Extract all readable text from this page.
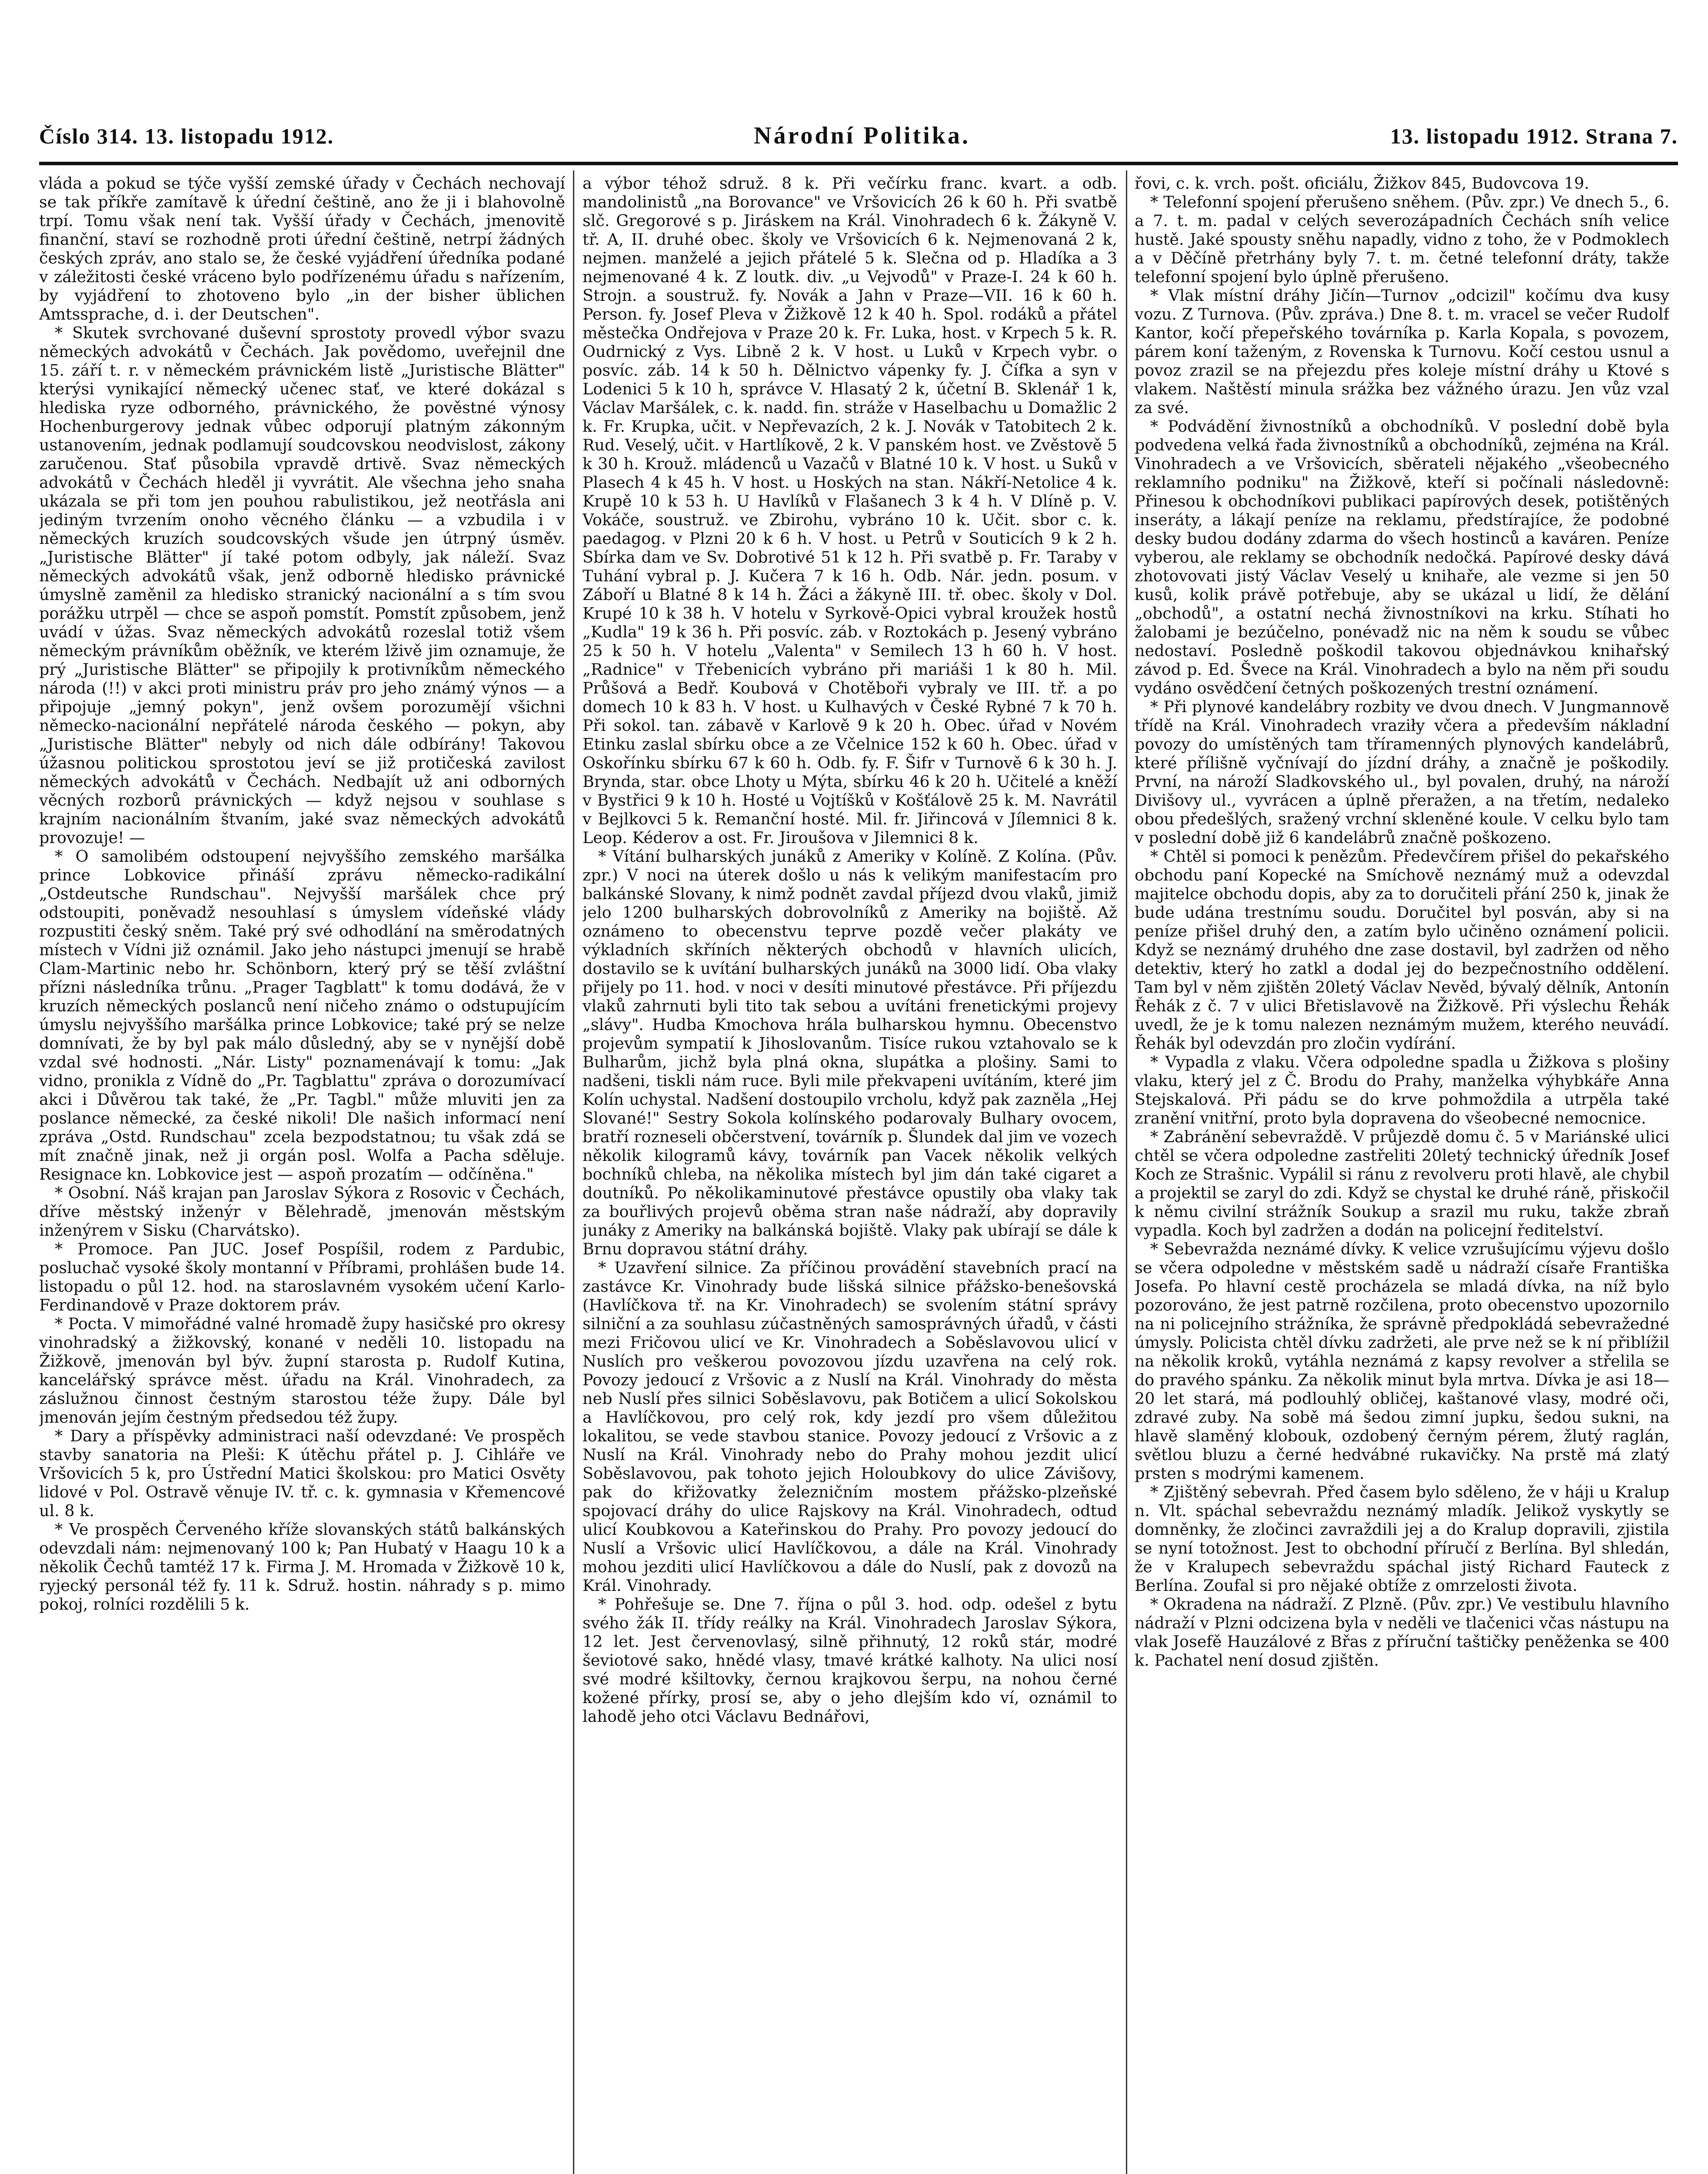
Číslo 314. 13. listopadu 1912.	Národní Politika.	13. listopadu 1912. Strana 7.

vláda a pokud se týče vyšší zemské úřady v Čechách nechovají se tak příkře zamítavě k úřední češtině, ano že ji i blahovolně trpí. Tomu však není tak. Vyšší úřady v Čechách, jmenovitě finanční, staví se rozhodně proti úřední češtině, netrpí žádných českých zpráv, ano stalo se, že české vyjádření úředníka podané v záležitosti české vráceno bylo podřízenému úřadu s nařízením, by vyjádření to zhotoveno bylo „in der bisher üblichen Amtssprache, d. i. der Deutschen".

* Skutek svrchované duševní sprostoty provedl výbor svazu německých advokátů v Čechách. Jak povědomo, uveřejnil dne 15. září t. r. v německém právnickém listě „Juristische Blätter" kterýsi vynikající německý učenec stať, ve které dokázal s hlediska ryze odborného, právnického, že pověstné výnosy Hochenburgerovy jednak vůbec odporují platným zákonným ustanovením, jednak podlamují soudcovskou neodvislost, zákony zaručenou. Stať působila vpravdě drtivě. Svaz německých advokátů v Čechách hleděl ji vyvrátit. Ale všechna jeho snaha ukázala se při tom jen pouhou rabulistikou, jež neotřásla ani jediným tvrzením onoho věcného článku — a vzbudila i v německých kruzích soudcovských všude jen útrpný úsměv. „Juristische Blätter" jí také potom odbyly, jak náleží. Svaz německých advokátů však, jenž odborně hledisko právnické úmyslně zaměnil za hledisko stranický nacionální a s tím svou porážku utrpěl — chce se aspoň pomstít. Pomstít způsobem, jenž uvádí v úžas. Svaz německých advokátů rozeslal totiž všem německým právníkům oběžník, ve kterém lživě jim oznamuje, že prý „Juristische Blätter" se připojily k protivníkům německého národa (!!) v akci proti ministru práv pro jeho známý výnos — a připojuje „jemný pokyn", jenž ovšem porozumějí všichni německo-nacionální nepřátelé národa českého — pokyn, aby „Juristische Blätter" nebyly od nich dále odbírány! Takovou úžasnou politickou sprostotou jeví se již protičeská zavilost německých advokátů v Čechách. Nedbajít už ani odborných věcných rozborů právnických — když nejsou v souhlase s krajním nacionálním štvaním, jaké svaz německých advokátů provozuje! —

* O samolibém odstoupení nejvyššího zemského maršálka prince Lobkovice přináší zprávu německo-radikální „Ostdeutsche Rundschau". Nejvyšší maršálek chce prý odstoupiti, poněvadž nesouhlasí s úmyslem vídeňské vlády rozpustiti český sněm. Také prý své odhodlání na směrodatných místech v Vídni již oznámil. Jako jeho nástupci jmenují se hrabě Clam-Martinic nebo hr. Schönborn, který prý se těší zvláštní přízni následníka trůnu. „Prager Tagblatt" k tomu dodává, že v kruzích německých poslanců není ničeho známo o odstupujícím úmyslu nejvyššího maršálka prince Lobkovice; také prý se nelze domnívati, že by byl pak málo důsledný, aby se v nynější době vzdal své hodnosti. „Nár. Listy" poznamenávají k tomu: „Jak vidno, pronikla z Vídně do „Pr. Tagblattu" zpráva o dorozumívací akci i Důvěrou tak také, že „Pr. Tagbl." může mluviti jen za poslance německé, za české nikoli! Dle našich informací není zpráva „Ostd. Rundschau" zcela bezpodstatnou; tu však zdá se mít značně jinak, než ji orgán posl. Wolfa a Pacha sděluje. Resignace kn. Lobkovice jest — aspoň prozatím — odčíněna."

* Osobní. Náš krajan pan Jaroslav Sýkora z Rosovic v Čechách, dříve městský inženýr v Bělehradě, jmenován městským inženýrem v Sisku (Charvátsko).

* Promoce. Pan JUC. Josef Pospíšil, rodem z Pardubic, posluchač vysoké školy montanní v Příbrami, prohlášen bude 14. listopadu o půl 12. hod. na staroslavném vysokém učení Karlo-Ferdinandově v Praze doktorem práv.

* Pocta. V mimořádné valné hromadě župy hasičské pro okresy vinohradský a žižkovský, konané v neděli 10. listopadu na Žižkově, jmenován byl býv. župní starosta p. Rudolf Kutina, kancelářský správce měst. úřadu na Král. Vinohradech, za záslužnou činnost čestným starostou téže župy. Dále byl jmenován jejím čestným předsedou též župy.

* Dary a příspěvky administraci naší odevzdané: Ve prospěch stavby sanatoria na Pleši: K útěchu přátel p. J. Cihláře ve Vršovicích 5 k, pro Ústřední Matici školskou: pro Matici Osvěty lidové v Pol. Ostravě věnuje IV. tř. c. k. gymnasia v Křemencové ul. 8 k.

* Ve prospěch Červeného kříže slovanských států balkánských odevzdali nám: nejmenovaný 100 k; Pan Hubatý v Haagu 10 k a několik Čechů tamtéž 17 k. Firma J. M. Hromada v Žižkově 10 k, ryjecký personál též fy. 11 k. Sdruž. hostin. náhrady s p. mimo pokoj, rolníci rozdělili 5 k.

a výbor téhož sdruž. 8 k. Při večírku franc. kvart. a odb. mandolinistů „na Borovance" ve Vršovicích 26 k 60 h. Při svatbě slč. Gregorové s p. Jiráskem na Král. Vinohradech 6 k. Žákyně V. tř. A, II. druhé obec. školy ve Vršovicích 6 k. Nejmenovaná 2 k, nejmen. manželé a jejich přátelé 5 k. Slečna od p. Hladíka a 3 nejmenované 4 k. Z loutk. div. „u Vejvodů" v Praze-I. 24 k 60 h. Strojn. a soustruž. fy. Novák a Jahn v Praze—VII. 16 k 60 h. Person. fy. Josef Pleva v Žižkově 12 k 40 h. Spol. rodáků a přátel městečka Ondřejova v Praze 20 k. Fr. Luka, host. v Krpech 5 k. R. Oudrnický z Vys. Libně 2 k. V host. u Luků v Krpech vybr. o posvíc. záb. 14 k 50 h. Dělnictvo vápenky fy. J. Čífka a syn v Lodenici 5 k 10 h, správce V. Hlasatý 2 k, účetní B. Sklenář 1 k, Václav Maršálek, c. k. nadd. fin. stráže v Haselbachu u Domažlic 2 k. Fr. Krupka, učit. v Nepřevazích, 2 k. J. Novák v Tatobitech 2 k. Rud. Veselý, učit. v Hartlíkově, 2 k. V panském host. ve Zvěstově 5 k 30 h. Krouž. mládenců u Vazačů v Blatné 10 k. V host. u Suků v Plasech 4 k 45 h. V host. u Hoských na stan. Nákří-Netolice 4 k. Krupě 10 k 53 h. U Havlíků v Flašanech 3 k 4 h. V Dlíně p. V. Vokáče, soustruž. ve Zbirohu, vybráno 10 k. Učit. sbor c. k. paedagog. v Plzni 20 k 6 h. V host. u Petrů v Souticích 9 k 2 h. Sbírka dam ve Sv. Dobrotivé 51 k 12 h. Při svatbě p. Fr. Taraby v Tuhání vybral p. J. Kučera 7 k 16 h. Odb. Nár. jedn. posum. v Záboří u Blatné 8 k 14 h. Žáci a žákyně III. tř. obec. školy v Dol. Krupé 10 k 38 h. V hotelu v Syrkově-Opici vybral kroužek hostů „Kudla" 19 k 36 h. Při posvíc. záb. v Roztokách p. Jesený vybráno 25 k 50 h. V hotelu „Valenta" v Semilech 13 h 60 h. V host. „Radnice" v Třebenicích vybráno při mariáši 1 k 80 h. Mil. Průšová a Bedř. Koubová v Chotěboři vybraly ve III. tř. a po domech 10 k 83 h. V host. u Kulhavých v České Rybné 7 k 70 h. Při sokol. tan. zábavě v Karlově 9 k 20 h. Obec. úřad v Novém Etinku zaslal sbírku obce a ze Včelnice 152 k 60 h. Obec. úřad v Oskořínku sbírku 67 k 60 h. Odb. fy. F. Šifr v Turnově 6 k 30 h. J. Brynda, star. obce Lhoty u Mýta, sbírku 46 k 20 h. Učitelé a kněží v Bystřici 9 k 10 h. Hosté u Vojtíšků v Košťálově 25 k. M. Navrátil v Bejlkovci 5 k. Remanční hosté. Mil. fr. Jiřincová v Jílemnici 8 k. Leop. Kéderov a ost. Fr. Jiroušova v Jilemnici 8 k.

* Vítání bulharských junáků z Ameriky v Kolíně. Z Kolína. (Pův. zpr.) V noci na úterek došlo u nás k velikým manifestacím pro balkánské Slovany, k nimž podnět zavdal příjezd dvou vlaků, jimiž jelo 1200 bulharských dobrovolníků z Ameriky na bojiště. Až oznámeno to obecenstvu teprve pozdě večer plakáty ve výkladních skříních některých obchodů v hlavních ulicích, dostavilo se k uvítání bulharských junáků na 3000 lidí. Oba vlaky přijely po 11. hod. v noci v desíti minutové přestávce. Při příjezdu vlaků zahrnuti byli tito tak sebou a uvítáni frenetickými projevy „slávy". Hudba Kmochova hrála bulharskou hymnu. Obecenstvo projevům sympatií k Jihoslovanům. Tisíce rukou vztahovalo se k Bulharům, jichž byla plná okna, slupátka a plošiny. Sami to nadšeni, tiskli nám ruce. Byli mile překvapeni uvítáním, které jim Kolín uchystal. Nadšení dostoupilo vrcholu, když pak zazněla „Hej Slované!" Sestry Sokola kolínského podarovaly Bulhary ovocem, bratří rozneseli občerstvení, továrník p. Šlundek dal jim ve vozech několik kilogramů kávy, továrník pan Vacek několik velkých bochníků chleba, na několika místech byl jim dán také cigaret a doutníků. Po několikaminutové přestávce opustily oba vlaky tak za bouřlivých projevů oběma stran naše nádraží, aby dopravily junáky z Ameriky na balkánská bojiště. Vlaky pak ubírají se dále k Brnu dopravou státní dráhy.

* Uzavření silnice. Za příčinou provádění stavebních prací na zastávce Kr. Vinohrady bude lišská silnice přážsko-benešovská (Havlíčkova tř. na Kr. Vinohradech) se svolením státní správy silniční a za souhlasu zúčastněných samosprávných úřadů, v části mezi Fričovou ulicí ve Kr. Vinohradech a Soběslavovou ulicí v Nuslích pro veškerou povozovou jízdu uzavřena na celý rok. Povozy jedoucí z Vršovic a z Nuslí na Král. Vinohrady do města neb Nuslí přes silnici Soběslavovu, pak Botičem a ulicí Sokolskou a Havlíčkovou, pro celý rok, kdy jezdí pro všem důležitou lokalitou, se vede stavbou stanice. Povozy jedoucí z Vršovic a z Nuslí na Král. Vinohrady nebo do Prahy mohou jezdit ulicí Soběslavovou, pak tohoto jejich Holoubkovy do ulice Závišovy, pak do křižovatky železničním mostem přážsko-plzeňské spojovací dráhy do ulice Rajskovy na Král. Vinohradech, odtud ulicí Koubkovou a Kateřinskou do Prahy. Pro povozy jedoucí do Nuslí a Vršovic ulicí Havlíčkovou, a dále na Král. Vinohrady mohou jezditi ulicí Havlíčkovou a dále do Nuslí, pak z dovozů na Král. Vinohrady.

* Pohřešuje se. Dne 7. října o půl 3. hod. odp. odešel z bytu svého žák II. třídy reálky na Král. Vinohradech Jaroslav Sýkora, 12 let. Jest červenovlasý, silně přihnutý, 12 roků stár, modré ševiotové sako, hnědé vlasy, tmavé krátké kalhoty. Na ulici nosí své modré kšiltovky, černou krajkovou šerpu, na nohou černé kožené přírky, prosí se, aby o jeho dlejším kdo ví, oznámil to lahodě jeho otci Václavu Bednářovi,

řovi, c. k. vrch. pošt. oficiálu, Žižkov 845, Budovcova 19.

* Telefonní spojení přerušeno sněhem. (Pův. zpr.) Ve dnech 5., 6. a 7. t. m. padal v celých severozápadních Čechách sníh velice hustě. Jaké spousty sněhu napadly, vidno z toho, že v Podmoklech a v Děčíně přetrhány byly 7. t. m. četné telefonní dráty, takže telefonní spojení bylo úplně přerušeno.

* Vlak místní dráhy Jičín—Turnov „odcizil" kočímu dva kusy vozu. Z Turnova. (Pův. zpráva.) Dne 8. t. m. vracel se večer Rudolf Kantor, kočí přepeřského továrníka p. Karla Kopala, s povozem, párem koní taženým, z Rovenska k Turnovu. Kočí cestou usnul a povoz zrazil se na přejezdu přes koleje místní dráhy u Ktové s vlakem. Naštěstí minula srážka bez vážného úrazu. Jen vůz vzal za své.

* Podvádění živnostníků a obchodníků. V poslední době byla podvedena velká řada živnostníků a obchodníků, zejména na Král. Vinohradech a ve Vršovicích, sběrateli nějakého „všeobecného reklamního podniku" na Žižkově, kteří si počínali následovně: Přinesou k obchodníkovi publikaci papírových desek, potištěných inseráty, a lákají peníze na reklamu, předstírajíce, že podobné desky budou dodány zdarma do všech hostinců a kaváren. Peníze vyberou, ale reklamy se obchodník nedočká. Papírové desky dává zhotovovati jistý Václav Veselý u knihaře, ale vezme si jen 50 kusů, kolik právě potřebuje, aby se ukázal u lidí, že dělání „obchodů", a ostatní nechá živnostníkovi na krku. Stíhati ho žalobami je bezúčelno, ponévadž nic na něm k soudu se vůbec nedostaví. Posledně poškodil takovou objednávkou knihařský závod p. Ed. Švece na Král. Vinohradech a bylo na něm při soudu vydáno osvědčení četných poškozených trestní oznámení.

* Při plynové kandelábry rozbity ve dvou dnech. V Jungmannově třídě na Král. Vinohradech vraziły včera a především nákladní povozy do umístěných tam tříramenných plynových kandelábrů, které přílišně vyčnívají do jízdní dráhy, a značně je poškodily. První, na nároží Sladkovského ul., byl povalen, druhý, na nároží Divišovy ul., vyvrácen a úplně přeražen, a na třetím, nedaleko obou předešlých, sražený vrchní skleněné koule. V celku bylo tam v poslední době již 6 kandelábrů značně poškozeno.

* Chtěl si pomoci k penězům. Předevčírem přišel do pekařského obchodu paní Kopecké na Smíchově neznámý muž a odevzdal majitelce obchodu dopis, aby za to doručiteli přání 250 k, jinak že bude udána trestnímu soudu. Doručitel byl posván, aby si na peníze přišel druhý den, a zatím bylo učiněno oznámení policii. Když se neznámý druhého dne zase dostavil, byl zadržen od něho detektiv, který ho zatkl a dodal jej do bezpečnostního oddělení. Tam byl v něm zjištěn 20letý Václav Nevěd, bývalý dělník, Antonín Řehák z č. 7 v ulici Břetislavově na Žižkově. Při výslechu Řehák uvedl, že je k tomu nalezen neznámým mužem, kterého neuvádí. Řehák byl odevzdán pro zločin vydírání.

* Vypadla z vlaku. Včera odpoledne spadla u Žižkova s plošiny vlaku, který jel z Č. Brodu do Prahy, manželka výhybkáře Anna Stejskalová. Při pádu se do krve pohmoždila a utrpěla také zranění vnitřní, proto byla dopravena do všeobecné nemocnice.

* Zabránění sebevraždě. V průjezdě domu č. 5 v Mariánské ulici chtěl se včera odpoledne zastřeliti 20letý technický úředník Josef Koch ze Strašnic. Vypálil si ránu z revolveru proti hlavě, ale chybil a projektil se zaryl do zdi. Když se chystal ke druhé ráně, přiskočil k němu civilní strážník Soukup a srazil mu ruku, takže zbraň vypadla. Koch byl zadržen a dodán na policejní ředitelství.

* Sebevražda neznámé dívky. K velice vzrušujícímu výjevu došlo se včera odpoledne v městském sadě u nádraží císaře Františka Josefa. Po hlavní cestě procházela se mladá dívka, na níž bylo pozorováno, že jest patrně rozčilena, proto obecenstvo upozornilo na ni policejního strážníka, že správně předpokládá sebevražedné úmysly. Policista chtěl dívku zadržeti, ale prve než se k ní přiblížil na několik kroků, vytáhla neznámá z kapsy revolver a střelila se do pravého spánku. Za několik minut byla mrtva. Dívka je asi 18—20 let stará, má podlouhlý obličej, kaštanové vlasy, modré oči, zdravé zuby. Na sobě má šedou zimní jupku, šedou sukni, na hlavě slaměný klobouk, ozdobený černým pérem, žlutý raglán, světlou bluzu a černé hedvábné rukavičky. Na prstě má zlatý prsten s modrými kamenem.

* Zjištěný sebevrah. Před časem bylo sděleno, že v háji u Kralup n. Vlt. spáchal sebevraždu neznámý mladík. Jelikož vyskytly se domněnky, že zločinci zavraždili jej a do Kralup dopravili, zjistila se nyní totožnost. Jest to obchodní příručí z Berlína. Byl shledán, že v Kralupech sebevraždu spáchal jistý Richard Fauteck z Berlína. Zoufal si pro nějaké obtíže z omrzelosti života.

* Okradena na nádraží. Z Plzně. (Pův. zpr.) Ve vestibulu hlavního nádraží v Plzni odcizena byla v neděli ve tlačenici včas nástupu na vlak Josefě Hauzálové z Břas z příruční taštičky peněženka se 400 k. Pachatel není dosud zjištěn.
